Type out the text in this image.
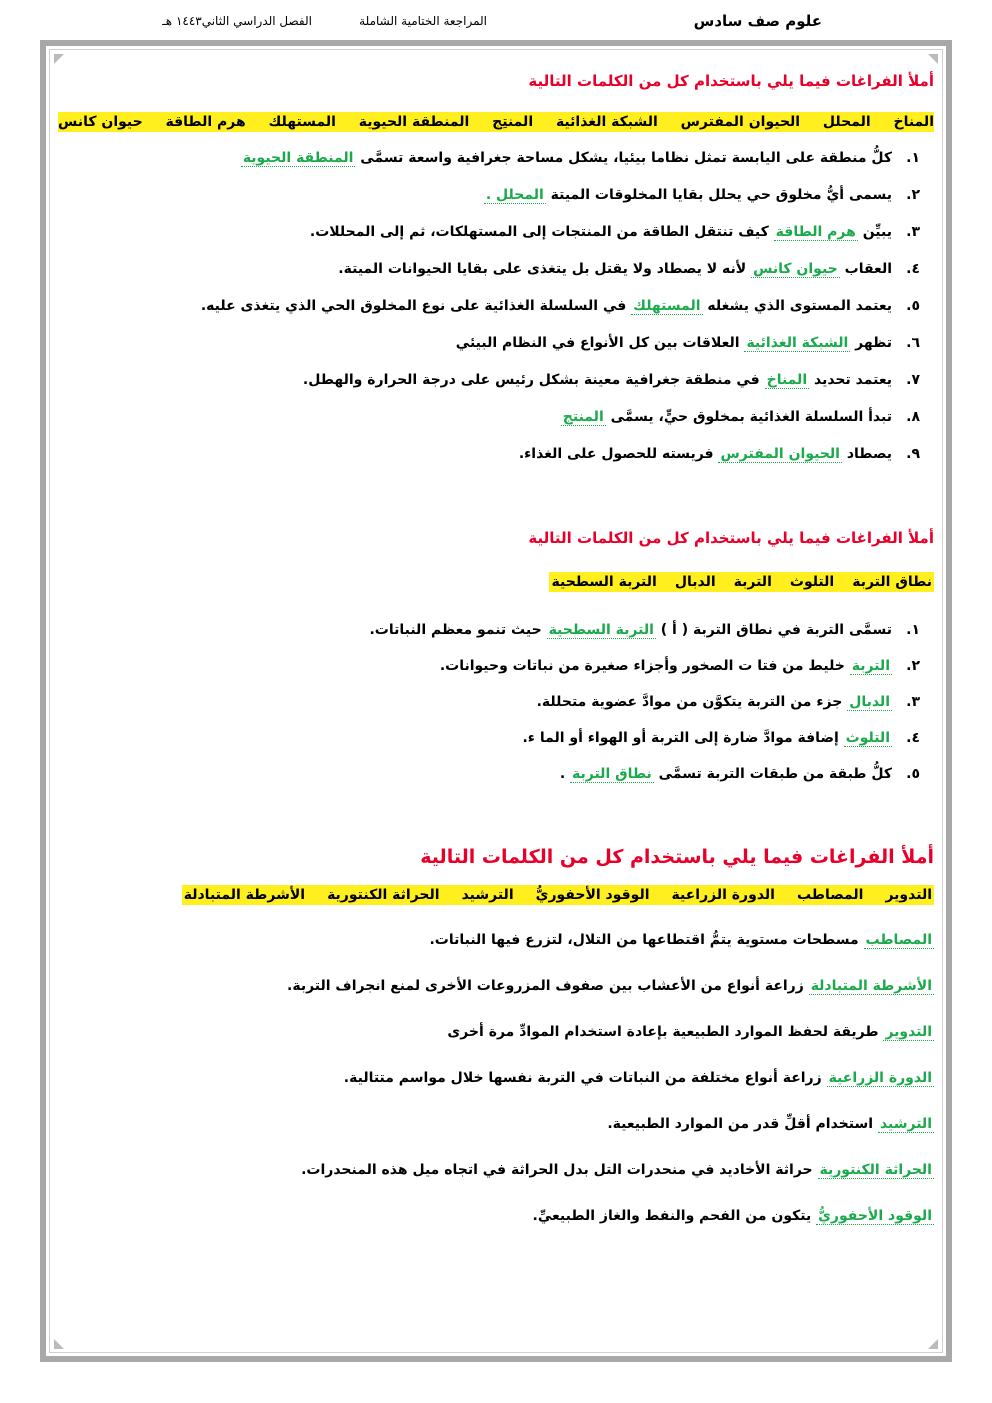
علوم صف سادس
المراجعة الختامية الشاملة
الفصل الدراسي الثاني١٤٤٣ هـ
أملأ الفراغات فيما يلي باستخدام كل من الكلمات التالية
المناخ
المحلل
الحيوان المفترس
الشبكة الغذائية
المنتِج
المنطقة الحيوية
المستهلك
هرم الطاقة
حيوان كانس
١.
كلُّ منطقة على اليابسة تمثل نظاما بيئيا، يشكل مساحة جغرافية واسعة تسمَّى المنطقة الحيوية
٢.
يسمى أيُّ مخلوق حي يحلل بقايا المخلوقات الميتة المحلل .
٣.
يبيِّن هرم الطاقة كيف تنتقل الطاقة من المنتجات إلى المستهلكات، ثم إلى المحللات.
٤.
العقاب حيوان كانس لأنه لا يصطاد ولا يقتل بل يتغذى على بقايا الحيوانات الميتة.
٥.
يعتمد المستوى الذي يشغله المستهلك في السلسلة الغذائية على نوع المخلوق الحي الذي يتغذى عليه.
٦.
تظهر الشبكة الغذائية العلاقات بين كل الأنواع في النظام البيئي
٧.
يعتمد تحديد المناخ في منطقة جغرافية معينة بشكل رئيس على درجة الحرارة والهطل.
٨.
تبدأ السلسلة الغذائية بمخلوق حيٍّ، يسمَّى المنتج
٩.
يصطاد الحيوان المفترس فريسته للحصول على الغذاء.
أملأ الفراغات فيما يلي باستخدام كل من الكلمات التالية
نطاق التربة
التلوث
التربة
الدبال
التربة السطحية
١.
تسمَّى التربة في نطاق التربة ( أ ) التربة السطحية حيث تنمو معظم النباتات.
٢.
التربة خليط من فتا ت الصخور وأجزاء صغيرة من نباتات وحيوانات.
٣.
الدبال جزء من التربة يتكوَّن من موادَّ عضوية متحللة.
٤.
التلوث إضافة موادَّ ضارة إلى التربة أو الهواء أو الما ء.
٥.
كلُّ طبقة من طبقات التربة تسمَّى نطاق التربة .
أملأ الفراغات فيما يلي باستخدام كل من الكلمات التالية
التدوير
المصاطب
الدورة الزراعية
الوقود الأحفوريُّ
الترشيد
الحراثة الكنتورية
الأشرطة المتبادلة
المصاطب مسطحات مستوية يتمُّ اقتطاعها من التلال، لتزرع فيها النباتات.
الأشرطة المتبادلة زراعة أنواع من الأعشاب بين صفوف المزروعات الأخرى لمنع انجراف التربة.
التدوير طريقة لحفظ الموارد الطبيعية بإعادة استخدام الموادِّ مرة أخرى
الدورة الزراعية زراعة أنواع مختلفة من النباتات في التربة نفسها خلال مواسم متتالية.
الترشيد استخدام أقلِّ قدر من الموارد الطبيعية.
الحراثة الكنتورية حراثة الأخاديد في منحدرات التل بدل الحراثة في اتجاه ميل هذه المنحدرات.
الوقود الأحفوريُّ يتكون من الفحم والنفط والغاز الطبيعيِّ.
